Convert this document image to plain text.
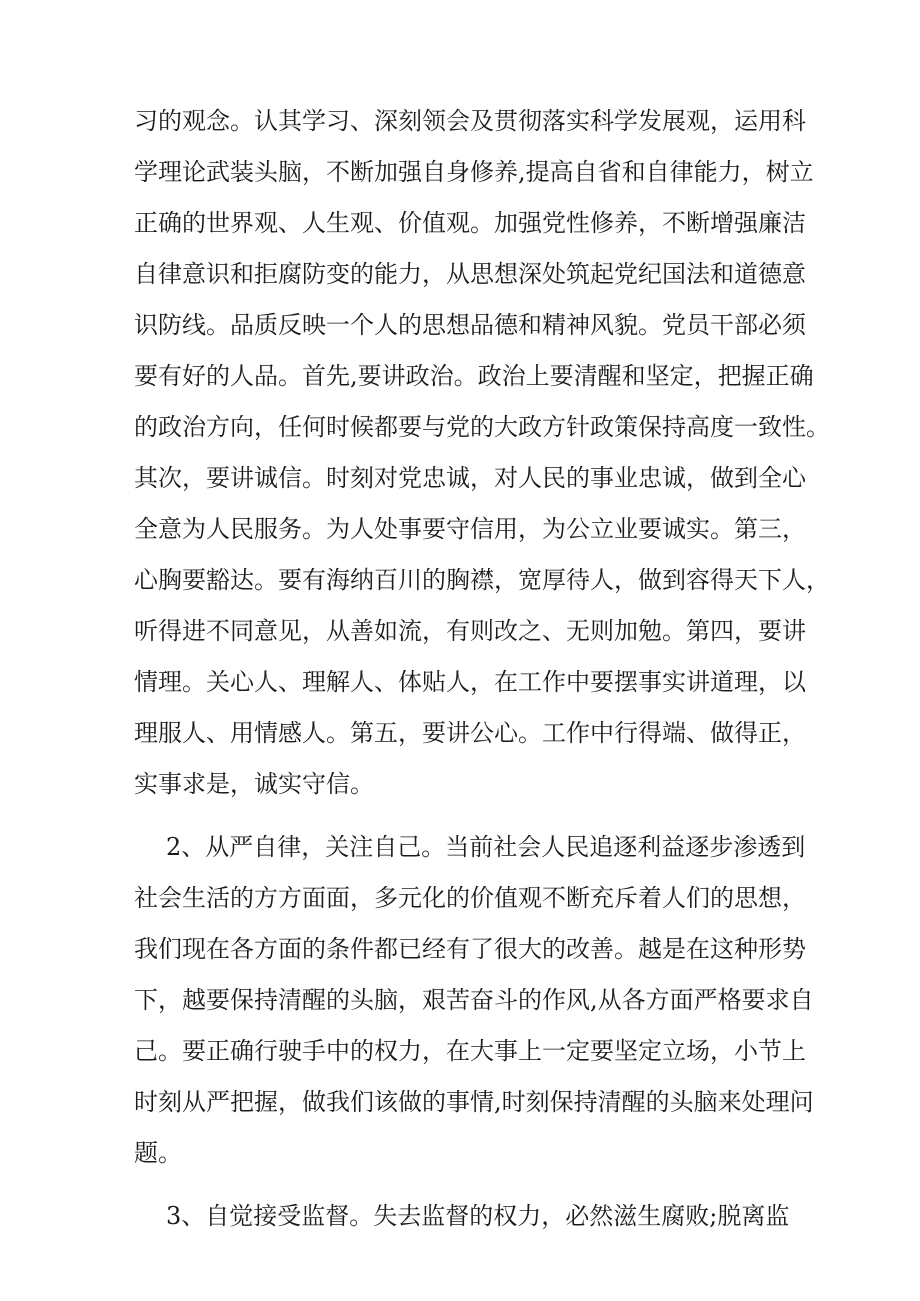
习的观念。认其学习、深刻领会及贯彻落实科学发展观，运用科
学理论武装头脑，不断加强自身修养,提高自省和自律能力，树立
正确的世界观、人生观、价值观。加强党性修养，不断增强廉洁
自律意识和拒腐防变的能力，从思想深处筑起党纪国法和道德意
识防线。品质反映一个人的思想品德和精神风貌。党员干部必须
要有好的人品。首先,要讲政治。政治上要清醒和坚定，把握正确
的政治方向，任何时候都要与党的大政方针政策保持高度一致性。
其次，要讲诚信。时刻对党忠诚，对人民的事业忠诚，做到全心
全意为人民服务。为人处事要守信用，为公立业要诚实。第三，
心胸要豁达。要有海纳百川的胸襟，宽厚待人，做到容得天下人，
听得进不同意见，从善如流，有则改之、无则加勉。第四，要讲
情理。关心人、理解人、体贴人，在工作中要摆事实讲道理，以
理服人、用情感人。第五，要讲公心。工作中行得端、做得正，
实事求是，诚实守信。
2、从严自律，关注自己。当前社会人民追逐利益逐步渗透到
社会生活的方方面面，多元化的价值观不断充斥着人们的思想，
我们现在各方面的条件都已经有了很大的改善。越是在这种形势
下，越要保持清醒的头脑，艰苦奋斗的作风,从各方面严格要求自
己。要正确行驶手中的权力，在大事上一定要坚定立场，小节上
时刻从严把握，做我们该做的事情,时刻保持清醒的头脑来处理问
题。
3、自觉接受监督。失去监督的权力，必然滋生腐败;脱离监
